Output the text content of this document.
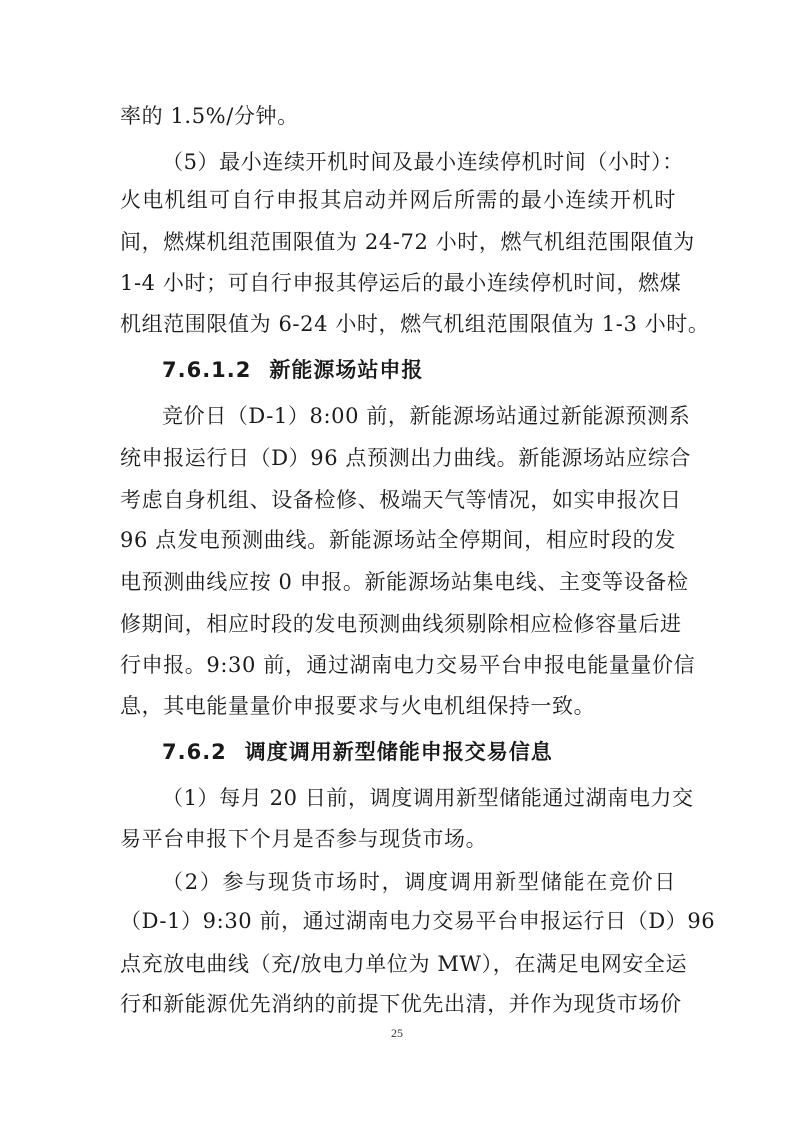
率的 1.5%/分钟。
（5）最小连续开机时间及最小连续停机时间（小时）：
火电机组可自行申报其启动并网后所需的最小连续开机时
间，燃煤机组范围限值为 24-72 小时，燃气机组范围限值为
1-4 小时；可自行申报其停运后的最小连续停机时间，燃煤
机组范围限值为 6-24 小时，燃气机组范围限值为 1-3 小时。
7.6.1.2 新能源场站申报
竞价日（D-1）8:00 前，新能源场站通过新能源预测系
统申报运行日（D）96 点预测出力曲线。新能源场站应综合
考虑自身机组、设备检修、极端天气等情况，如实申报次日
96 点发电预测曲线。新能源场站全停期间，相应时段的发
电预测曲线应按 0 申报。新能源场站集电线、主变等设备检
修期间，相应时段的发电预测曲线须剔除相应检修容量后进
行申报。9:30 前，通过湖南电力交易平台申报电能量量价信
息，其电能量量价申报要求与火电机组保持一致。
7.6.2 调度调用新型储能申报交易信息
（1）每月 20 日前，调度调用新型储能通过湖南电力交
易平台申报下个月是否参与现货市场。
（2）参与现货市场时，调度调用新型储能在竞价日
（D-1）9:30 前，通过湖南电力交易平台申报运行日（D）96
点充放电曲线（充/放电力单位为 MW），在满足电网安全运
行和新能源优先消纳的前提下优先出清，并作为现货市场价
25
